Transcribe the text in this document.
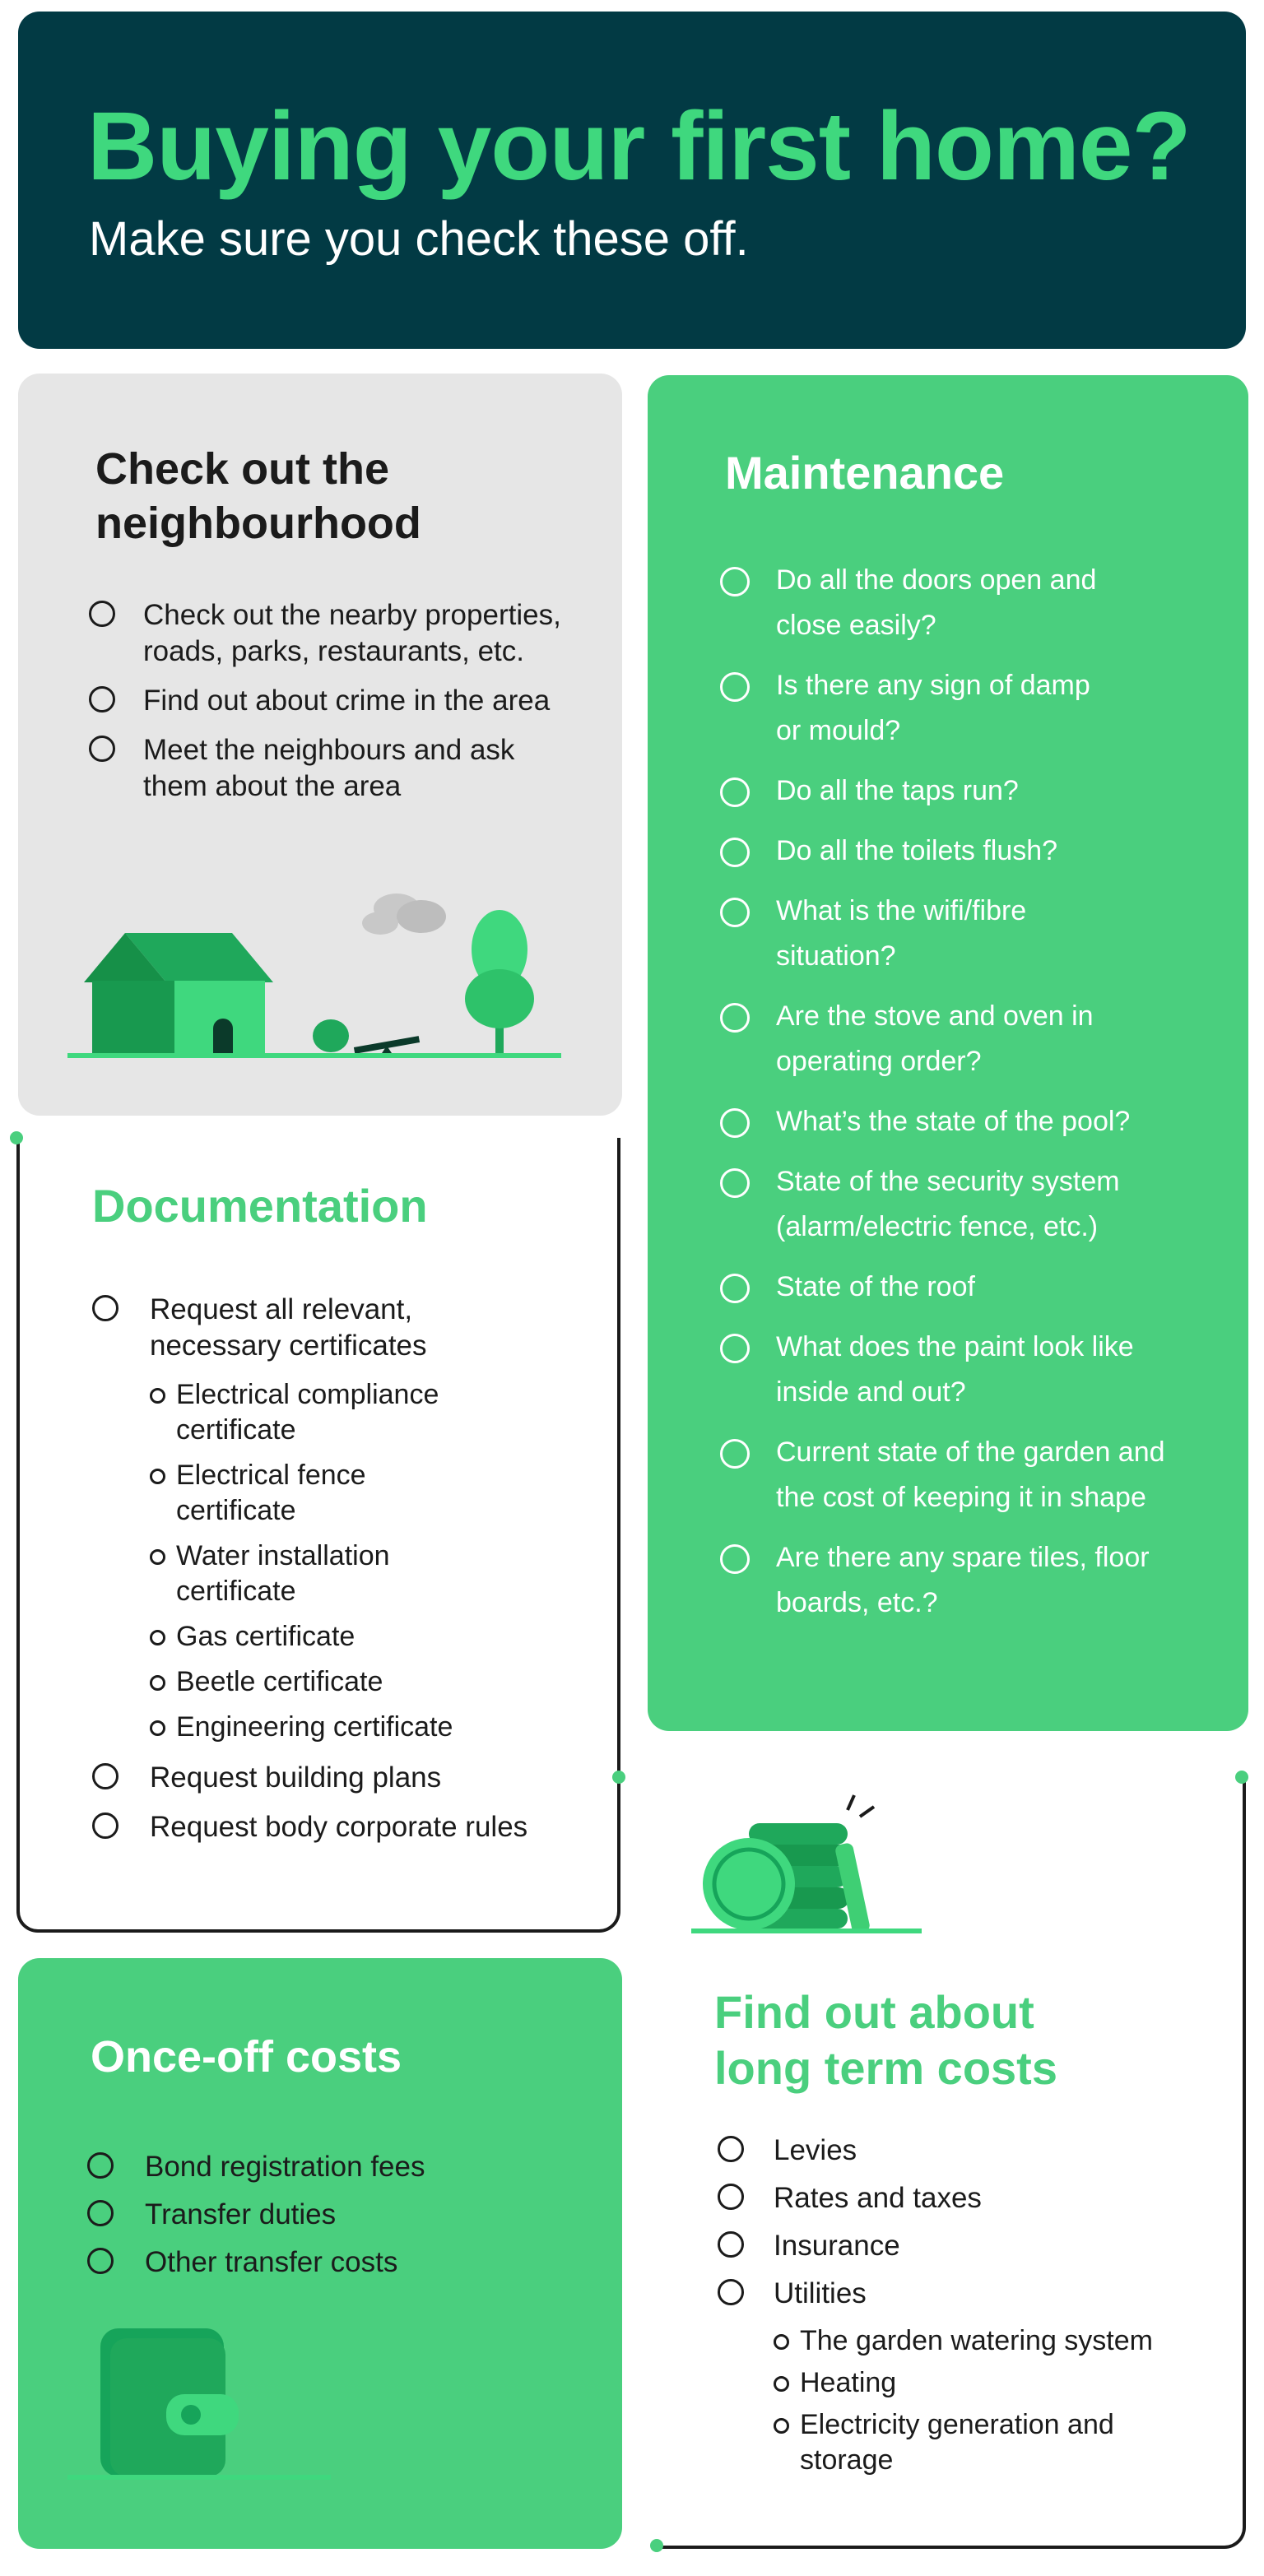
Buying your first home?
Make sure you check these off.
Check out the neighbourhood
Check out the nearby properties, roads, parks, restaurants, etc.
Find out about crime in the area
Meet the neighbours and ask them about the area
Maintenance
Do all the doors open and close easily?
Is there any sign of damp or mould?
Do all the taps run?
Do all the toilets flush?
What is the wifi/fibre situation?
Are the stove and oven in operating order?
What’s the state of the pool?
State of the security system (alarm/electric fence, etc.)
State of the roof
What does the paint look like inside and out?
Current state of the garden and the cost of keeping it in shape
Are there any spare tiles, floor boards, etc.?
Documentation
Request all relevant, necessary certificates
Electrical compliance certificate
Electrical fence certificate
Water installation certificate
Gas certificate
Beetle certificate
Engineering certificate
Request building plans
Request body corporate rules
Once-off costs
Bond registration fees
Transfer duties
Other transfer costs
Find out about long term costs
Levies
Rates and taxes
Insurance
Utilities
The garden watering system
Heating
Electricity generation and storage
